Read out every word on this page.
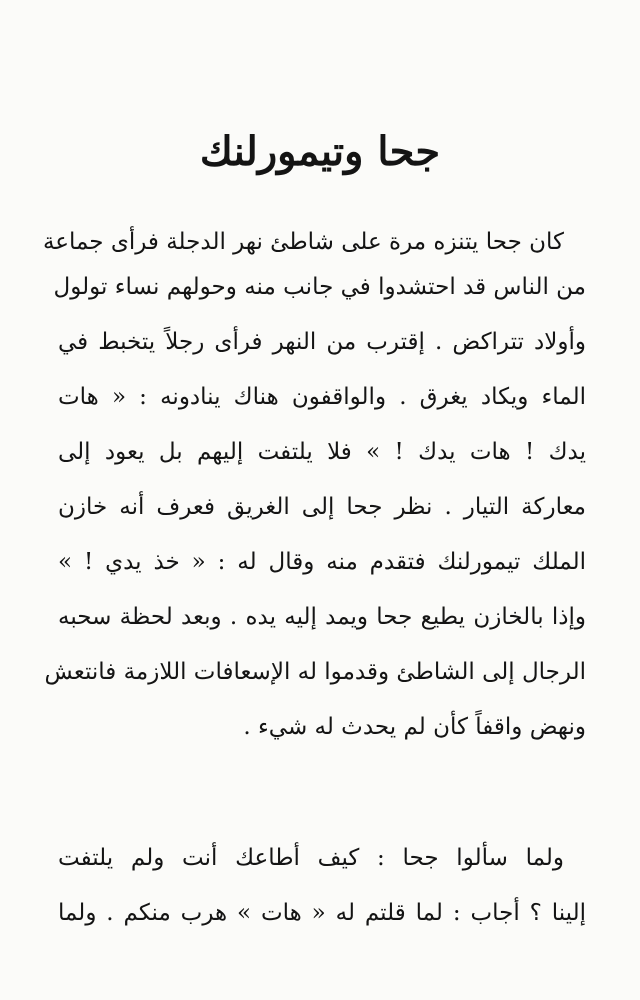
جحا وتيمورلنك

كان جحا يتنزه مرة على شاطئ نهر الدجلة فرأى جماعة

من الناس قد احتشدوا في جانب منه وحولهم نساء تولول

وأولاد تتراكض . إقترب من النهر فرأى رجلاً يتخبط في

الماء ويكاد يغرق . والواقفون هناك ينادونه : « هات

يدك ! هات يدك ! » فلا يلتفت إليهم بل يعود إلى

معاركة التيار . نظر جحا إلى الغريق فعرف أنه خازن

الملك تيمورلنك فتقدم منه وقال له : « خذ يدي ! »

وإذا بالخازن يطيع جحا ويمد إليه يده . وبعد لحظة سحبه

الرجال إلى الشاطئ وقدموا له الإسعافات اللازمة فانتعش

ونهض واقفاً كأن لم يحدث له شيء .

ولما سألوا جحا : كيف أطاعك أنت ولم يلتفت

إلينا ؟ أجاب : لما قلتم له « هات » هرب منكم . ولما
